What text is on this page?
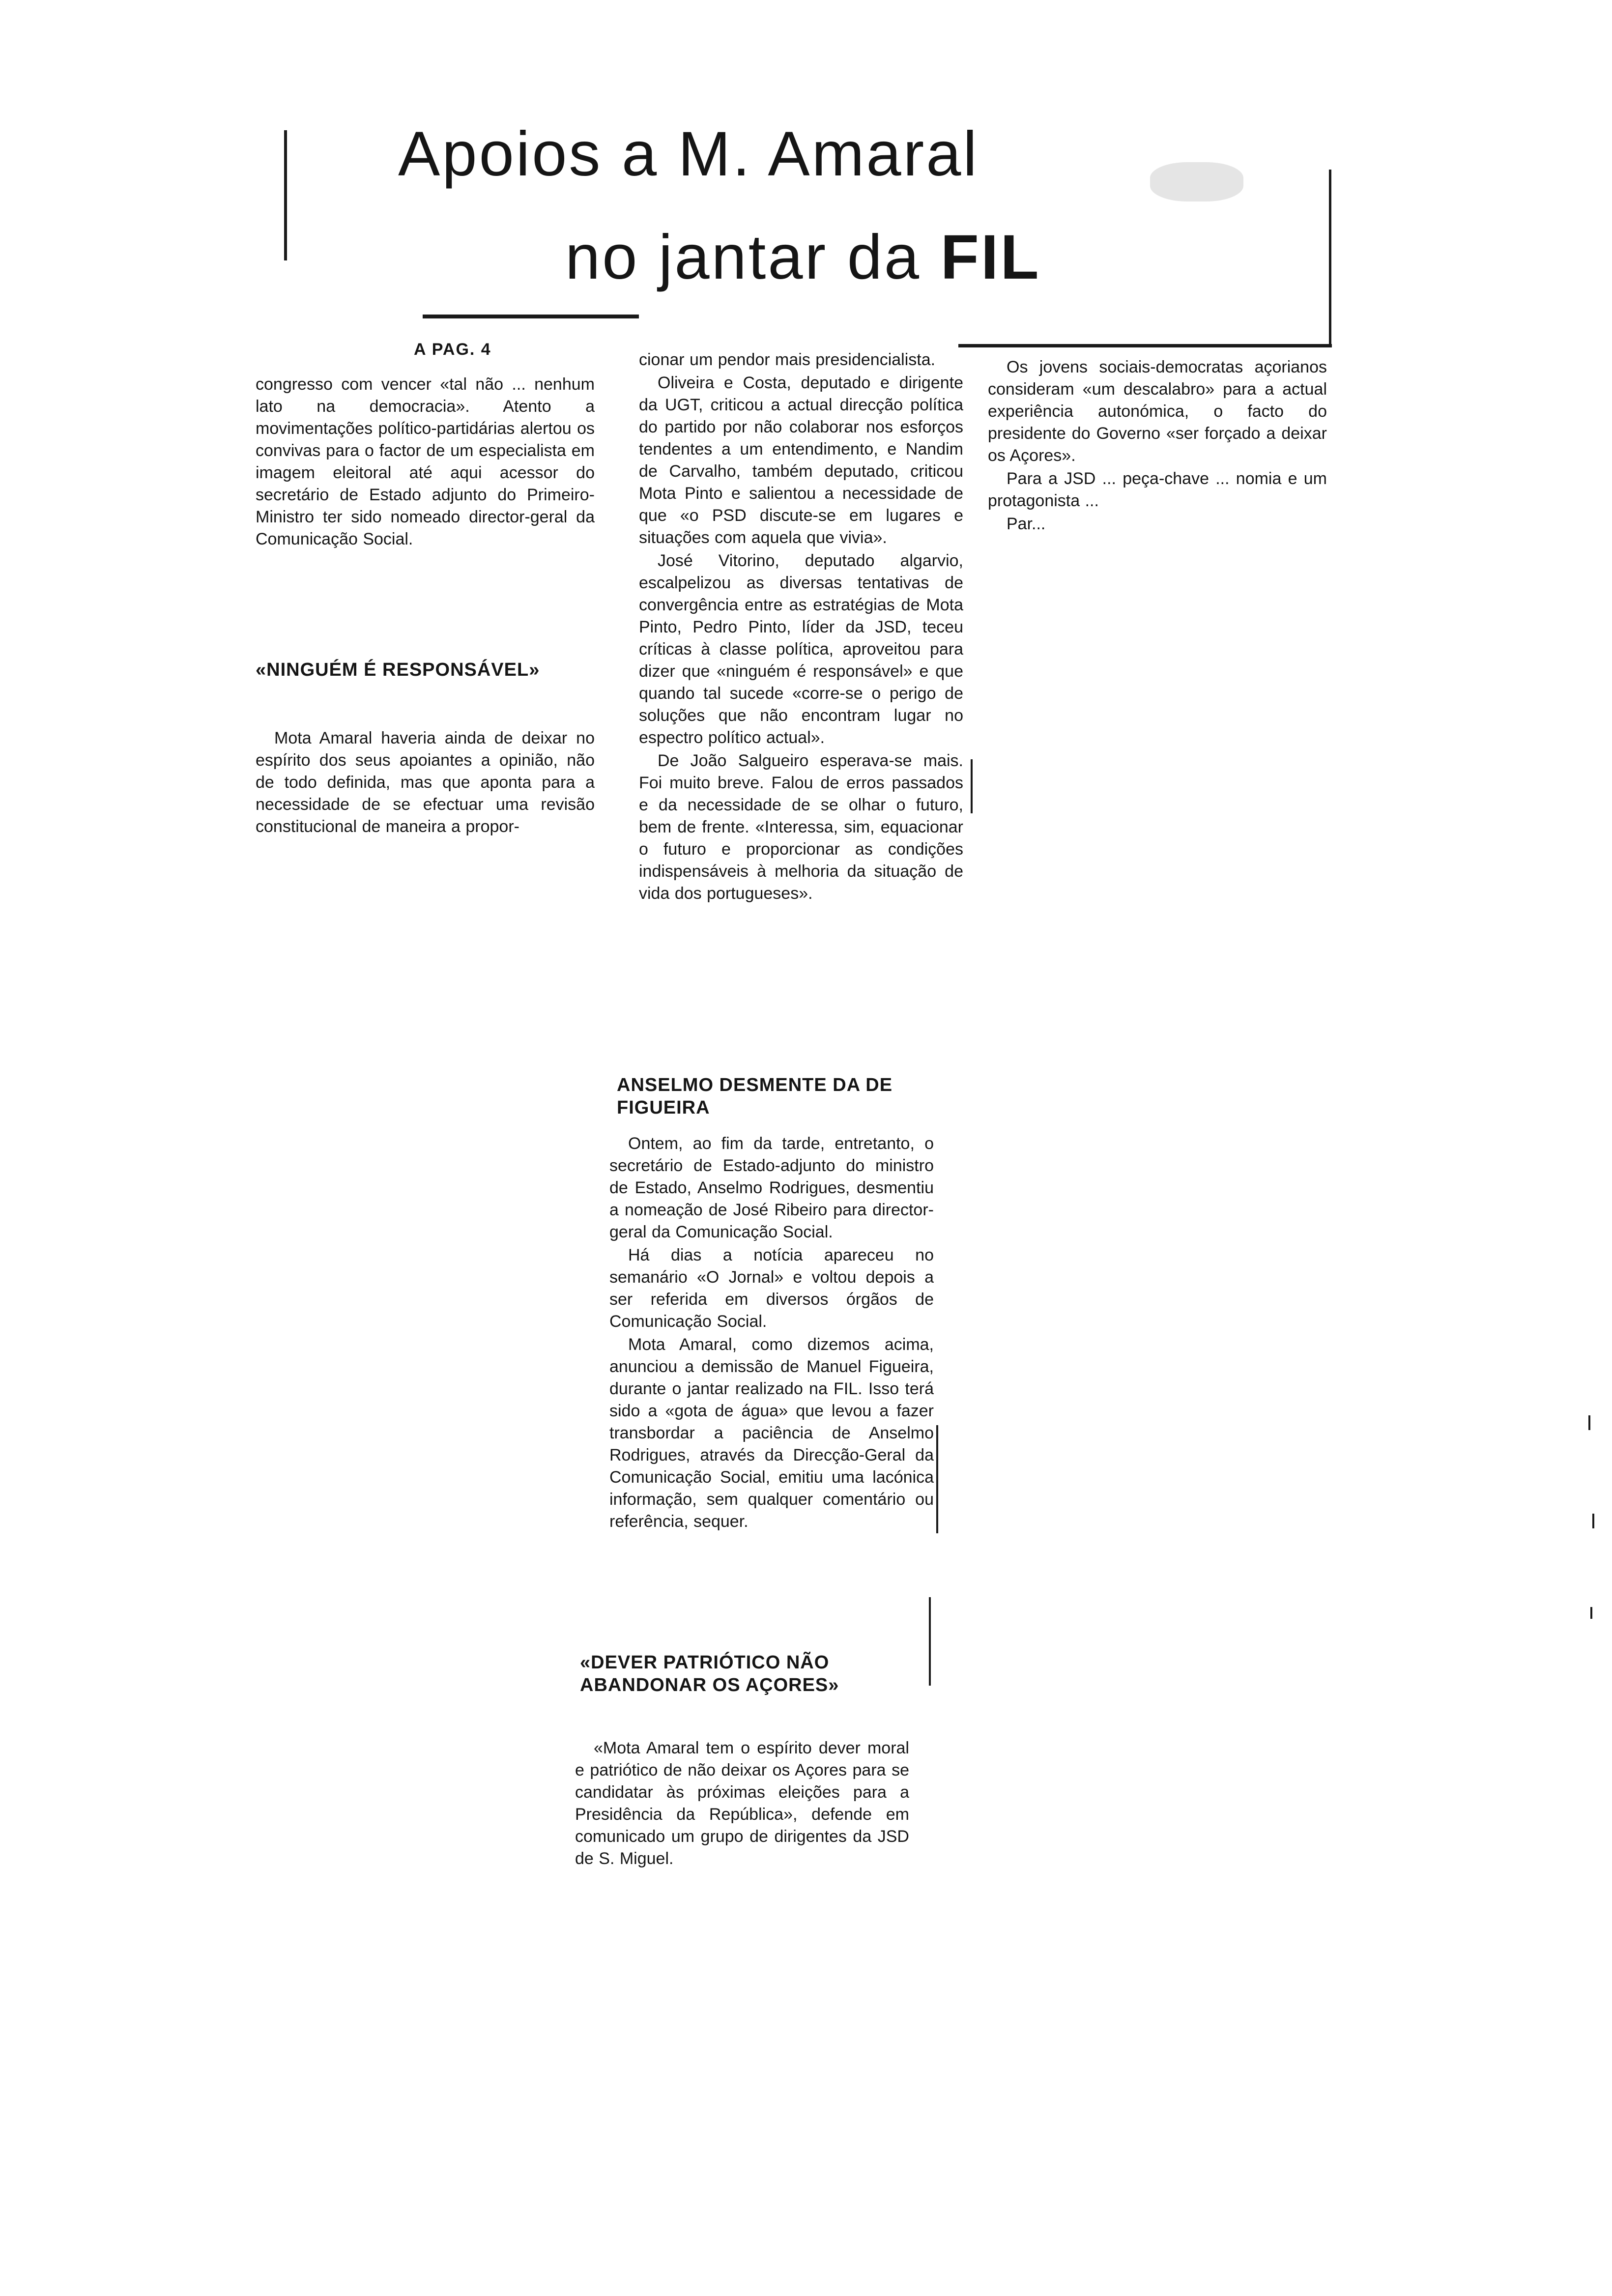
Apoios a M. Amaral
no jantar da FIL
A PAG. 4

congresso com vencer «tal não ... nenhum lato na democracia». Atento a movimentações político-partidárias alertou os convivas para o factor de um especialista em imagem eleitoral até aqui acessor do secretário de Estado adjunto do Primeiro-Ministro ter sido nomeado director-geral da Comunicação Social.

«NINGUÉM É RESPONSÁVEL»

Mota Amaral haveria ainda de deixar no espírito dos seus apoiantes a opinião, não de todo definida, mas que aponta para a necessidade de se efectuar uma revisão constitucional de maneira a propor-

cionar um pendor mais presidencialista.

Oliveira e Costa, deputado e dirigente da UGT, criticou a actual direcção política do partido por não colaborar nos esforços tendentes a um entendimento, e Nandim de Carvalho, também deputado, criticou Mota Pinto e salientou a necessidade de que «o PSD discute-se em lugares e situações com aquela que vivia».

José Vitorino, deputado algarvio, escalpelizou as diversas tentativas de convergência entre as estratégias de Mota Pinto, Pedro Pinto, líder da JSD, teceu críticas à classe política, aproveitou para dizer que «ninguém é responsável» e que quando tal sucede «corre-se o perigo de soluções que não encontram lugar no espectro político actual».

De João Salgueiro esperava-se mais. Foi muito breve. Falou de erros passados e da necessidade de se olhar o futuro, bem de frente. «Interessa, sim, equacionar o futuro e proporcionar as condições indispensáveis à melhoria da situação de vida dos portugueses».

ANSELMO DESMENTE DA DE FIGUEIRA

Ontem, ao fim da tarde, entretanto, o secretário de Estado-adjunto do ministro de Estado, Anselmo Rodrigues, desmentiu a nomeação de José Ribeiro para director-geral da Comunicação Social.

Há dias a notícia apareceu no semanário «O Jornal» e voltou depois a ser referida em diversos órgãos de Comunicação Social.

Mota Amaral, como dizemos acima, anunciou a demissão de Manuel Figueira, durante o jantar realizado na FIL. Isso terá sido a «gota de água» que levou a fazer transbordar a paciência de Anselmo Rodrigues, através da Direcção-Geral da Comunicação Social, emitiu uma lacónica informação, sem qualquer comentário ou referência, sequer.

«DEVER PATRIÓTICO NÃO ABANDONAR OS AÇORES»

«Mota Amaral tem o espírito dever moral e patriótico de não deixar os Açores para se candidatar às próximas eleições para a Presidência da República», defende em comunicado um grupo de dirigentes da JSD de S. Miguel.

Os jovens sociais-democratas açorianos consideram «um descalabro» para a actual experiência autonómica, o facto do presidente do Governo «ser forçado a deixar os Açores».

Para a JSD ... peça-chave ... nomia e um protagonista ...

Par...
